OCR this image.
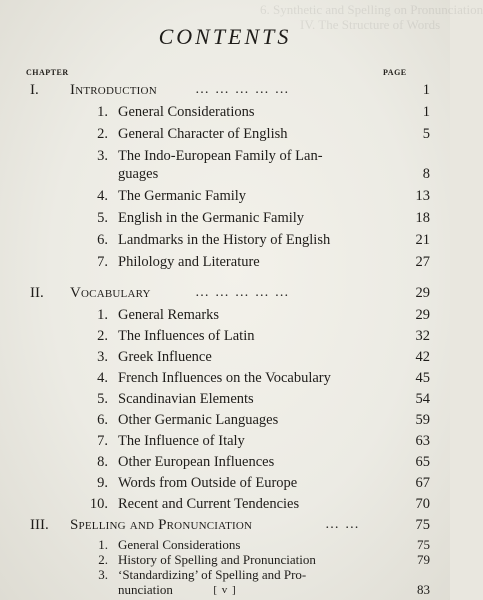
6. Synthetic and Spelling on Pronunciation
IV. The Structure of Words
CONTENTS
CHAPTER	PAGE
I.	Introduction	… … … … …	1
1. General Considerations	1
2. General Character of English	5
3. The Indo-European Family of Lan-
guages	8
4. The Germanic Family	13
5. English in the Germanic Family	18
6. Landmarks in the History of English	21
7. Philology and Literature	27
II.	Vocabulary	… … … … …	29
1. General Remarks	29
2. The Influences of Latin	32
3. Greek Influence	42
4. French Influences on the Vocabulary	45
5. Scandinavian Elements	54
6. Other Germanic Languages	59
7. The Influence of Italy	63
8. Other European Influences	65
9. Words from Outside of Europe	67
10. Recent and Current Tendencies	70
III.	Spelling and Pronunciation	… …	75
[ v ]
1. General Considerations	75
2. History of Spelling and Pronunciation	79
3. ‘Standardizing’ of Spelling and Pro-
nunciation	83
